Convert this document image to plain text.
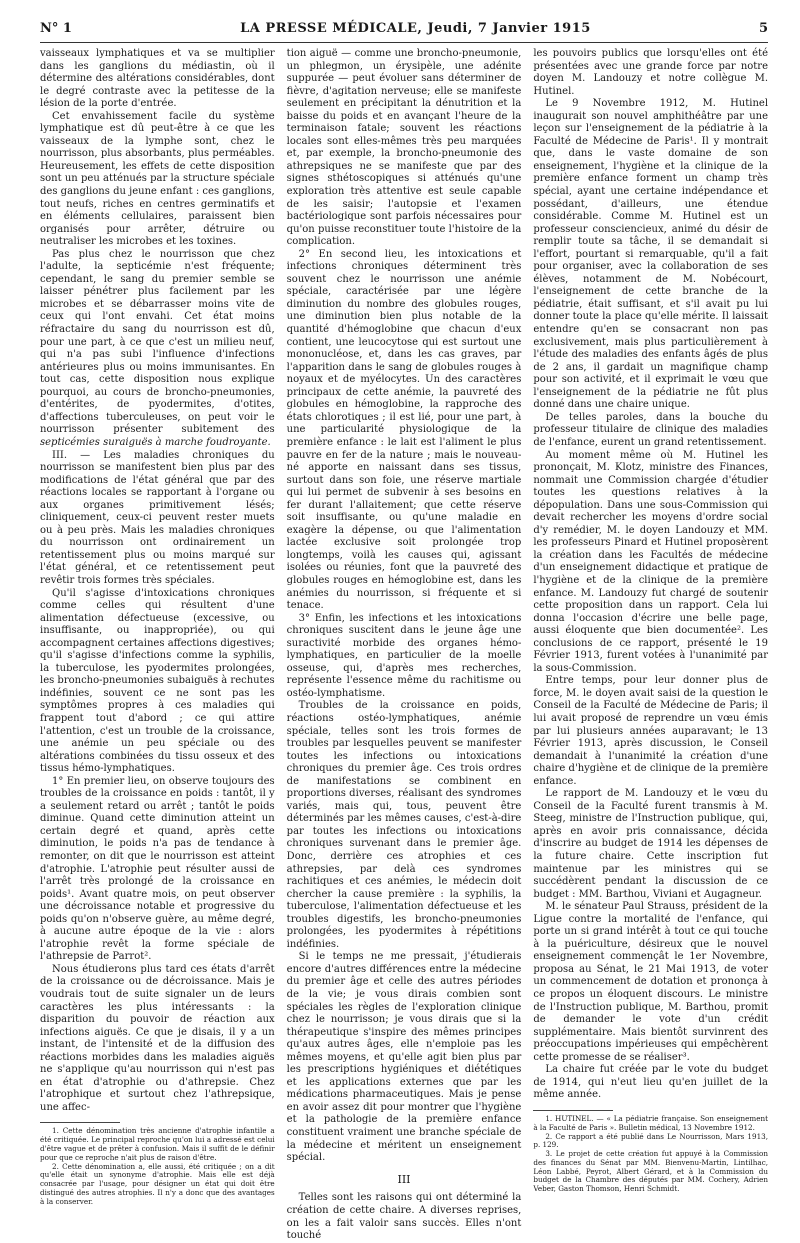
N° 1	LA PRESSE MÉDICALE, Jeudi, 7 Janvier 1915	5

vaisseaux lymphatiques et va se multiplier dans les ganglions du médiastin, où il détermine des altérations considérables, dont le degré contraste avec la petitesse de la lésion de la porte d'entrée.

Cet envahissement facile du système lymphatique est dû peut-être à ce que les vaisseaux de la lymphe sont, chez le nourrisson, plus absorbants, plus perméables. Heureusement, les effets de cette disposition sont un peu atténués par la structure spéciale des ganglions du jeune enfant : ces ganglions, tout neufs, riches en centres germinatifs et en éléments cellulaires, paraissent bien organisés pour arrêter, détruire ou neutraliser les microbes et les toxines.

Pas plus chez le nourrisson que chez l'adulte, la septicémie n'est fréquente; cependant, le sang du premier semble se laisser pénétrer plus facilement par les microbes et se débarrasser moins vite de ceux qui l'ont envahi. Cet état moins réfractaire du sang du nourrisson est dû, pour une part, à ce que c'est un milieu neuf, qui n'a pas subi l'influence d'infections antérieures plus ou moins immunisantes. En tout cas, cette disposition nous explique pourquoi, au cours de broncho-pneumonies, d'entérites, de pyodermites, d'otites, d'affections tuberculeuses, on peut voir le nourrisson présenter subitement des septicémies suraiguës à marche foudroyante.

III. — Les maladies chroniques du nourrisson se manifestent bien plus par des modifications de l'état général que par des réactions locales se rapportant à l'organe ou aux organes primitivement lésés; cliniquement, ceux-ci peuvent rester muets ou à peu près. Mais les maladies chroniques du nourrisson ont ordinairement un retentissement plus ou moins marqué sur l'état général, et ce retentissement peut revêtir trois formes très spéciales.

Qu'il s'agisse d'intoxications chroniques comme celles qui résultent d'une alimentation défectueuse (excessive, ou insuffisante, ou inappropriée), ou qui accompagnent certaines affections digestives; qu'il s'agisse d'infections comme la syphilis, la tuberculose, les pyodermites prolongées, les broncho-pneumonies subaiguës à rechutes indéfinies, souvent ce ne sont pas les symptômes propres à ces maladies qui frappent tout d'abord ; ce qui attire l'attention, c'est un trouble de la croissance, une anémie un peu spéciale ou des altérations combinées du tissu osseux et des tissus hémo-lymphatiques.

1° En premier lieu, on observe toujours des troubles de la croissance en poids : tantôt, il y a seulement retard ou arrêt ; tantôt le poids diminue. Quand cette diminution atteint un certain degré et quand, après cette diminution, le poids n'a pas de tendance à remonter, on dit que le nourrisson est atteint d'atrophie. L'atrophie peut résulter aussi de l'arrêt très prolongé de la croissance en poids¹. Avant quatre mois, on peut observer une décroissance notable et progressive du poids qu'on n'observe guère, au même degré, à aucune autre époque de la vie : alors l'atrophie revêt la forme spéciale de l'athrepsie de Parrot².

Nous étudierons plus tard ces états d'arrêt de la croissance ou de décroissance. Mais je voudrais tout de suite signaler un de leurs caractères les plus intéressants : la disparition du pouvoir de réaction aux infections aiguës. Ce que je disais, il y a un instant, de l'intensité et de la diffusion des réactions morbides dans les maladies aiguës ne s'applique qu'au nourrisson qui n'est pas en état d'atrophie ou d'athrepsie. Chez l'atrophique et surtout chez l'athrepsique, une affec-

1. Cette dénomination très ancienne d'atrophie infantile a été critiquée. Le principal reproche qu'on lui a adressé est celui d'être vague et de prêter à confusion. Mais il suffit de le définir pour que ce reproche n'ait plus de raison d'être.

2. Cette dénomination a, elle aussi, été critiquée ; on a dit qu'elle était un synonyme d'atrophie. Mais elle est déjà consacrée par l'usage, pour désigner un état qui doit être distingué des autres atrophies. Il n'y a donc que des avantages à la conserver.

tion aiguë — comme une broncho-pneumonie, un phlegmon, un érysipèle, une adénite suppurée — peut évoluer sans déterminer de fièvre, d'agitation nerveuse; elle se manifeste seulement en précipitant la dénutrition et la baisse du poids et en avançant l'heure de la terminaison fatale; souvent les réactions locales sont elles-mêmes très peu marquées et, par exemple, la broncho-pneumonie des athrepsiques ne se manifeste que par des signes sthétoscopiques si atténués qu'une exploration très attentive est seule capable de les saisir; l'autopsie et l'examen bactériologique sont parfois nécessaires pour qu'on puisse reconstituer toute l'histoire de la complication.

2° En second lieu, les intoxications et infections chroniques déterminent très souvent chez le nourrisson une anémie spéciale, caractérisée par une légère diminution du nombre des globules rouges, une diminution bien plus notable de la quantité d'hémoglobine que chacun d'eux contient, une leucocytose qui est surtout une mononucléose, et, dans les cas graves, par l'apparition dans le sang de globules rouges à noyaux et de myélocytes. Un des caractères principaux de cette anémie, la pauvreté des globules en hémoglobine, la rapproche des états chlorotiques ; il est lié, pour une part, à une particularité physiologique de la première enfance : le lait est l'aliment le plus pauvre en fer de la nature ; mais le nouveau-né apporte en naissant dans ses tissus, surtout dans son foie, une réserve martiale qui lui permet de subvenir à ses besoins en fer durant l'allaitement; que cette réserve soit insuffisante, ou qu'une maladie en exagère la dépense, ou que l'alimentation lactée exclusive soit prolongée trop longtemps, voilà les causes qui, agissant isolées ou réunies, font que la pauvreté des globules rouges en hémoglobine est, dans les anémies du nourrisson, si fréquente et si tenace.

3° Enfin, les infections et les intoxications chroniques suscitent dans le jeune âge une suractivité morbide des organes hémo-lymphatiques, en particulier de la moelle osseuse, qui, d'après mes recherches, représente l'essence même du rachitisme ou ostéo-lymphatisme.

Troubles de la croissance en poids, réactions ostéo-lymphatiques, anémie spéciale, telles sont les trois formes de troubles par lesquelles peuvent se manifester toutes les infections ou intoxications chroniques du premier âge. Ces trois ordres de manifestations se combinent en proportions diverses, réalisant des syndromes variés, mais qui, tous, peuvent être déterminés par les mêmes causes, c'est-à-dire par toutes les infections ou intoxications chroniques survenant dans le premier âge. Donc, derrière ces atrophies et ces athrepsies, par delà ces syndromes rachitiques et ces anémies, le médecin doit chercher la cause première : la syphilis, la tuberculose, l'alimentation défectueuse et les troubles digestifs, les broncho-pneumonies prolongées, les pyodermites à répétitions indéfinies.

Si le temps ne me pressait, j'étudierais encore d'autres différences entre la médecine du premier âge et celle des autres périodes de la vie; je vous dirais combien sont spéciales les règles de l'exploration clinique chez le nourrisson; je vous dirais que si la thérapeutique s'inspire des mêmes principes qu'aux autres âges, elle n'emploie pas les mêmes moyens, et qu'elle agit bien plus par les prescriptions hygiéniques et diététiques et les applications externes que par les médications pharmaceutiques. Mais je pense en avoir assez dit pour montrer que l'hygiène et la pathologie de la première enfance constituent vraiment une branche spéciale de la médecine et méritent un enseignement spécial.

III

Telles sont les raisons qui ont déterminé la création de cette chaire. A diverses reprises, on les a fait valoir sans succès. Elles n'ont touché

les pouvoirs publics que lorsqu'elles ont été présentées avec une grande force par notre doyen M. Landouzy et notre collègue M. Hutinel.

Le 9 Novembre 1912, M. Hutinel inaugurait son nouvel amphithéâtre par une leçon sur l'enseignement de la pédiatrie à la Faculté de Médecine de Paris¹. Il y montrait que, dans le vaste domaine de son enseignement, l'hygiène et la clinique de la première enfance forment un champ très spécial, ayant une certaine indépendance et possédant, d'ailleurs, une étendue considérable. Comme M. Hutinel est un professeur consciencieux, animé du désir de remplir toute sa tâche, il se demandait si l'effort, pourtant si remarquable, qu'il a fait pour organiser, avec la collaboration de ses élèves, notamment de M. Nobécourt, l'enseignement de cette branche de la pédiatrie, était suffisant, et s'il avait pu lui donner toute la place qu'elle mérite. Il laissait entendre qu'en se consacrant non pas exclusivement, mais plus particulièrement à l'étude des maladies des enfants âgés de plus de 2 ans, il gardait un magnifique champ pour son activité, et il exprimait le vœu que l'enseignement de la pédiatrie ne fût plus donné dans une chaire unique.

De telles paroles, dans la bouche du professeur titulaire de clinique des maladies de l'enfance, eurent un grand retentissement.

Au moment même où M. Hutinel les prononçait, M. Klotz, ministre des Finances, nommait une Commission chargée d'étudier toutes les questions relatives à la dépopulation. Dans une sous-Commission qui devait rechercher les moyens d'ordre social d'y remédier, M. le doyen Landouzy et MM. les professeurs Pinard et Hutinel proposèrent la création dans les Facultés de médecine d'un enseignement didactique et pratique de l'hygiène et de la clinique de la première enfance. M. Landouzy fut chargé de soutenir cette proposition dans un rapport. Cela lui donna l'occasion d'écrire une belle page, aussi éloquente que bien documentée². Les conclusions de ce rapport, présenté le 19 Février 1913, furent votées à l'unanimité par la sous-Commission.

Entre temps, pour leur donner plus de force, M. le doyen avait saisi de la question le Conseil de la Faculté de Médecine de Paris; il lui avait proposé de reprendre un vœu émis par lui plusieurs années auparavant; le 13 Février 1913, après discussion, le Conseil demandait à l'unanimité la création d'une chaire d'hygiène et de clinique de la première enfance.

Le rapport de M. Landouzy et le vœu du Conseil de la Faculté furent transmis à M. Steeg, ministre de l'Instruction publique, qui, après en avoir pris connaissance, décida d'inscrire au budget de 1914 les dépenses de la future chaire. Cette inscription fut maintenue par les ministres qui se succédèrent pendant la discussion de ce budget : MM. Barthou, Viviani et Augagneur.

M. le sénateur Paul Strauss, président de la Ligue contre la mortalité de l'enfance, qui porte un si grand intérêt à tout ce qui touche à la puériculture, désireux que le nouvel enseignement commençât le 1er Novembre, proposa au Sénat, le 21 Mai 1913, de voter un commencement de dotation et prononça à ce propos un éloquent discours. Le ministre de l'Instruction publique, M. Barthou, promit de demander le vote d'un crédit supplémentaire. Mais bientôt survinrent des préoccupations impérieuses qui empêchèrent cette promesse de se réaliser³.

La chaire fut créée par le vote du budget de 1914, qui n'eut lieu qu'en juillet de la même année.

1. HUTINEL. — « La pédiatrie française. Son enseignement à la Faculté de Paris ». Bulletin médical, 13 Novembre 1912.

2. Ce rapport a été publié dans Le Nourrisson, Mars 1913, p. 129.

3. Le projet de cette création fut appuyé à la Commission des finances du Sénat par MM. Bienvenu-Martin, Lintilhac, Léon Labbé, Peyrot, Albert Gérard, et à la Commission du budget de la Chambre des députés par MM. Cochery, Adrien Veber, Gaston Thomson, Henri Schmidt.
